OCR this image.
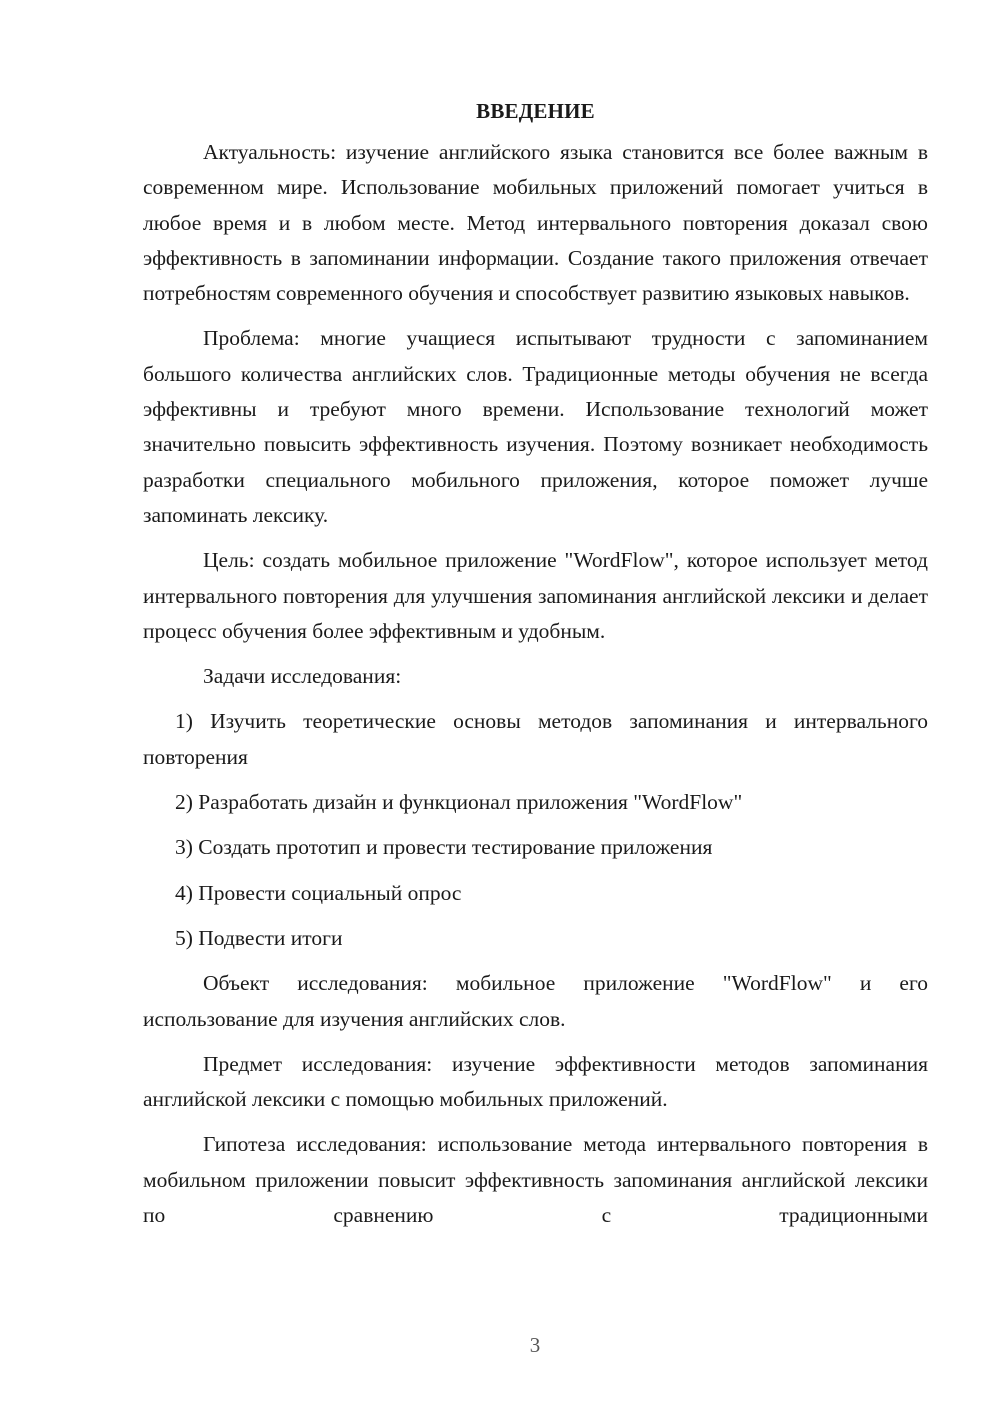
ВВЕДЕНИЕ

Актуальность: изучение английского языка становится все более важным в современном мире. Использование мобильных приложений помогает учиться в любое время и в любом месте. Метод интервального повторения доказал свою эффективность в запоминании информации. Создание такого приложения отвечает потребностям современного обучения и способствует развитию языковых навыков.

Проблема: многие учащиеся испытывают трудности с запоминанием большого количества английских слов. Традиционные методы обучения не всегда эффективны и требуют много времени. Использование технологий может значительно повысить эффективность изучения. Поэтому возникает необходимость разработки специального мобильного приложения, которое поможет лучше запоминать лексику.

Цель: создать мобильное приложение "WordFlow", которое использует метод интервального повторения для улучшения запоминания английской лексики и делает процесс обучения более эффективным и удобным.

Задачи исследования:

1) Изучить теоретические основы методов запоминания и интервального повторения

2) Разработать дизайн и функционал приложения "WordFlow"

3) Создать прототип и провести тестирование приложения

4) Провести социальный опрос

5) Подвести итоги

Объект исследования: мобильное приложение "WordFlow" и его использование для изучения английских слов.

Предмет исследования: изучение эффективности методов запоминания английской лексики с помощью мобильных приложений.

Гипотеза исследования: использование метода интервального повторения в мобильном приложении повысит эффективность запоминания английской лексики по сравнению с традиционными

3
